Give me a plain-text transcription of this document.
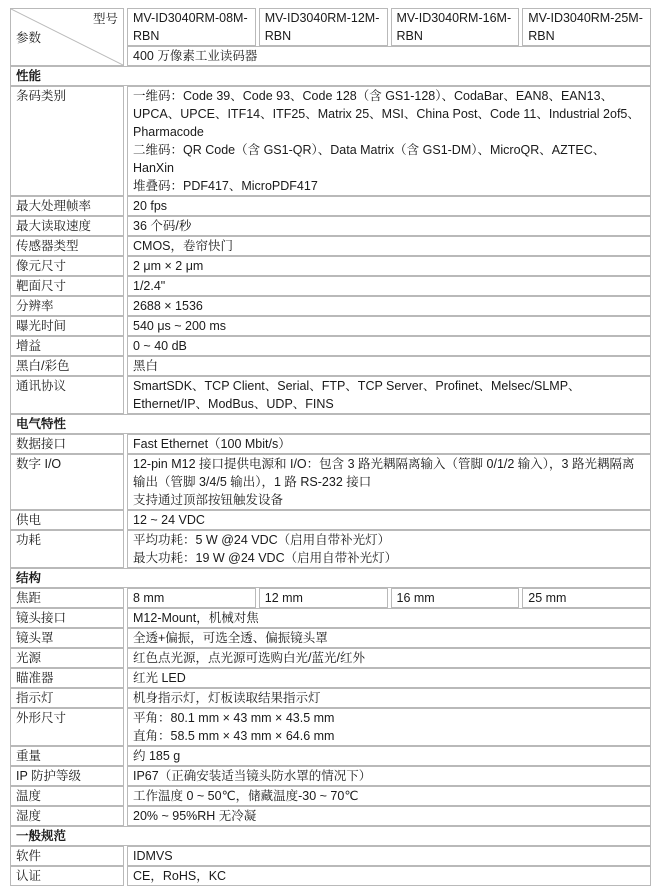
型号
参数	MV-ID3040RM-08M-RBN	MV-ID3040RM-12M-RBN	MV-ID3040RM-16M-RBN	MV-ID3040RM-25M-RBN
	400 万像素工业读码器			
性能				
条码类别	一维码：Code 39、Code 93、Code 128（含 GS1-128）、CodaBar、EAN8、EAN13、UPCA、UPCE、ITF14、ITF25、Matrix 25、MSI、China Post、Code 11、Industrial 2of5、Pharmacode
二维码：QR Code（含 GS1-QR）、Data Matrix（含 GS1-DM）、MicroQR、AZTEC、HanXin
堆叠码：PDF417、MicroPDF417			

最大处理帧率	20 fps			
最大读取速度	36 个码/秒			
传感器类型	CMOS，卷帘快门			
像元尺寸	2 μm × 2 μm			
靶面尺寸	1/2.4"			
分辨率	2688 × 1536			
曝光时间	540 μs ~ 200 ms			
增益	0 ~ 40 dB			
黑白/彩色	黑白			
通讯协议	SmartSDK、TCP Client、Serial、FTP、TCP Server、Profinet、Melsec/SLMP、Ethernet/IP、ModBus、UDP、FINS			
电气特性				
数据接口	Fast Ethernet（100 Mbit/s）			
数字 I/O	12-pin M12 接口提供电源和 I/O：包含 3 路光耦隔离输入（管脚 0/1/2 输入），3 路光耦隔离输出（管脚 3/4/5 输出），1 路 RS-232 接口
支持通过顶部按钮触发设备			

供电	12 ~ 24 VDC			
功耗	平均功耗：5 W @24 VDC（启用自带补光灯）
最大功耗：19 W @24 VDC（启用自带补光灯）			

结构				
焦距	8 mm	12 mm	16 mm	25 mm
镜头接口	M12-Mount，机械对焦			
镜头罩	全透+偏振，可选全透、偏振镜头罩			
光源	红色点光源，点光源可选购白光/蓝光/红外			
瞄准器	红光 LED			
指示灯	机身指示灯，灯板读取结果指示灯			
外形尺寸	平角：80.1 mm × 43 mm × 43.5 mm
直角：58.5 mm × 43 mm × 64.6 mm			

重量	约 185 g			
IP 防护等级	IP67（正确安装适当镜头防水罩的情况下）			
温度	工作温度 0 ~ 50℃，储藏温度-30 ~ 70℃			
湿度	20% ~ 95%RH 无冷凝			
一般规范				
软件	IDMVS			
认证	CE，RoHS，KC			
